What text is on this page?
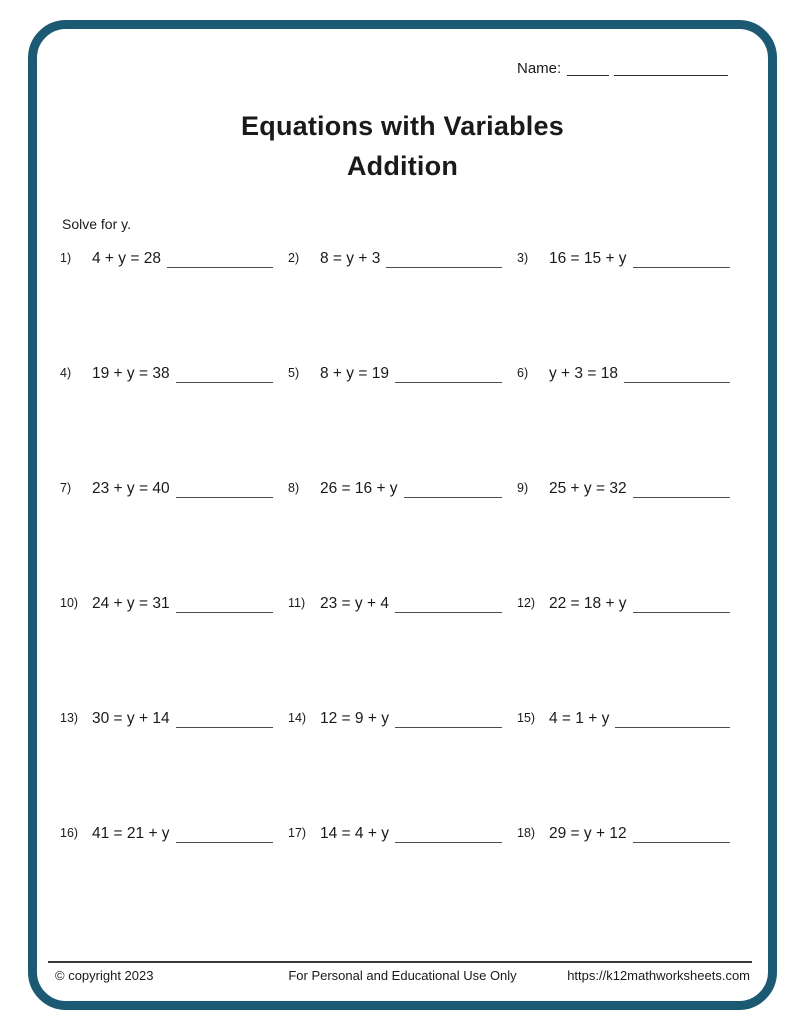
Name:
Equations with Variables
Addition
Solve for y.
1)	4 + y = 28	2)	8 = y + 3	3)	16 = 15 + y
4)	19 + y = 38	5)	8 + y = 19	6)	y + 3 = 18
7)	23 + y = 40	8)	26 = 16 + y	9)	25 + y = 32
10) 24 + y = 31	11) 23 = y + 4	12) 22 = 18 + y
13) 30 = y + 14	14) 12 = 9 + y	15) 4 = 1 + y
16) 41 = 21 + y	17) 14 = 4 + y	18) 29 = y + 12
© copyright 2023	For Personal and Educational Use Only	https://k12mathworksheets.com
